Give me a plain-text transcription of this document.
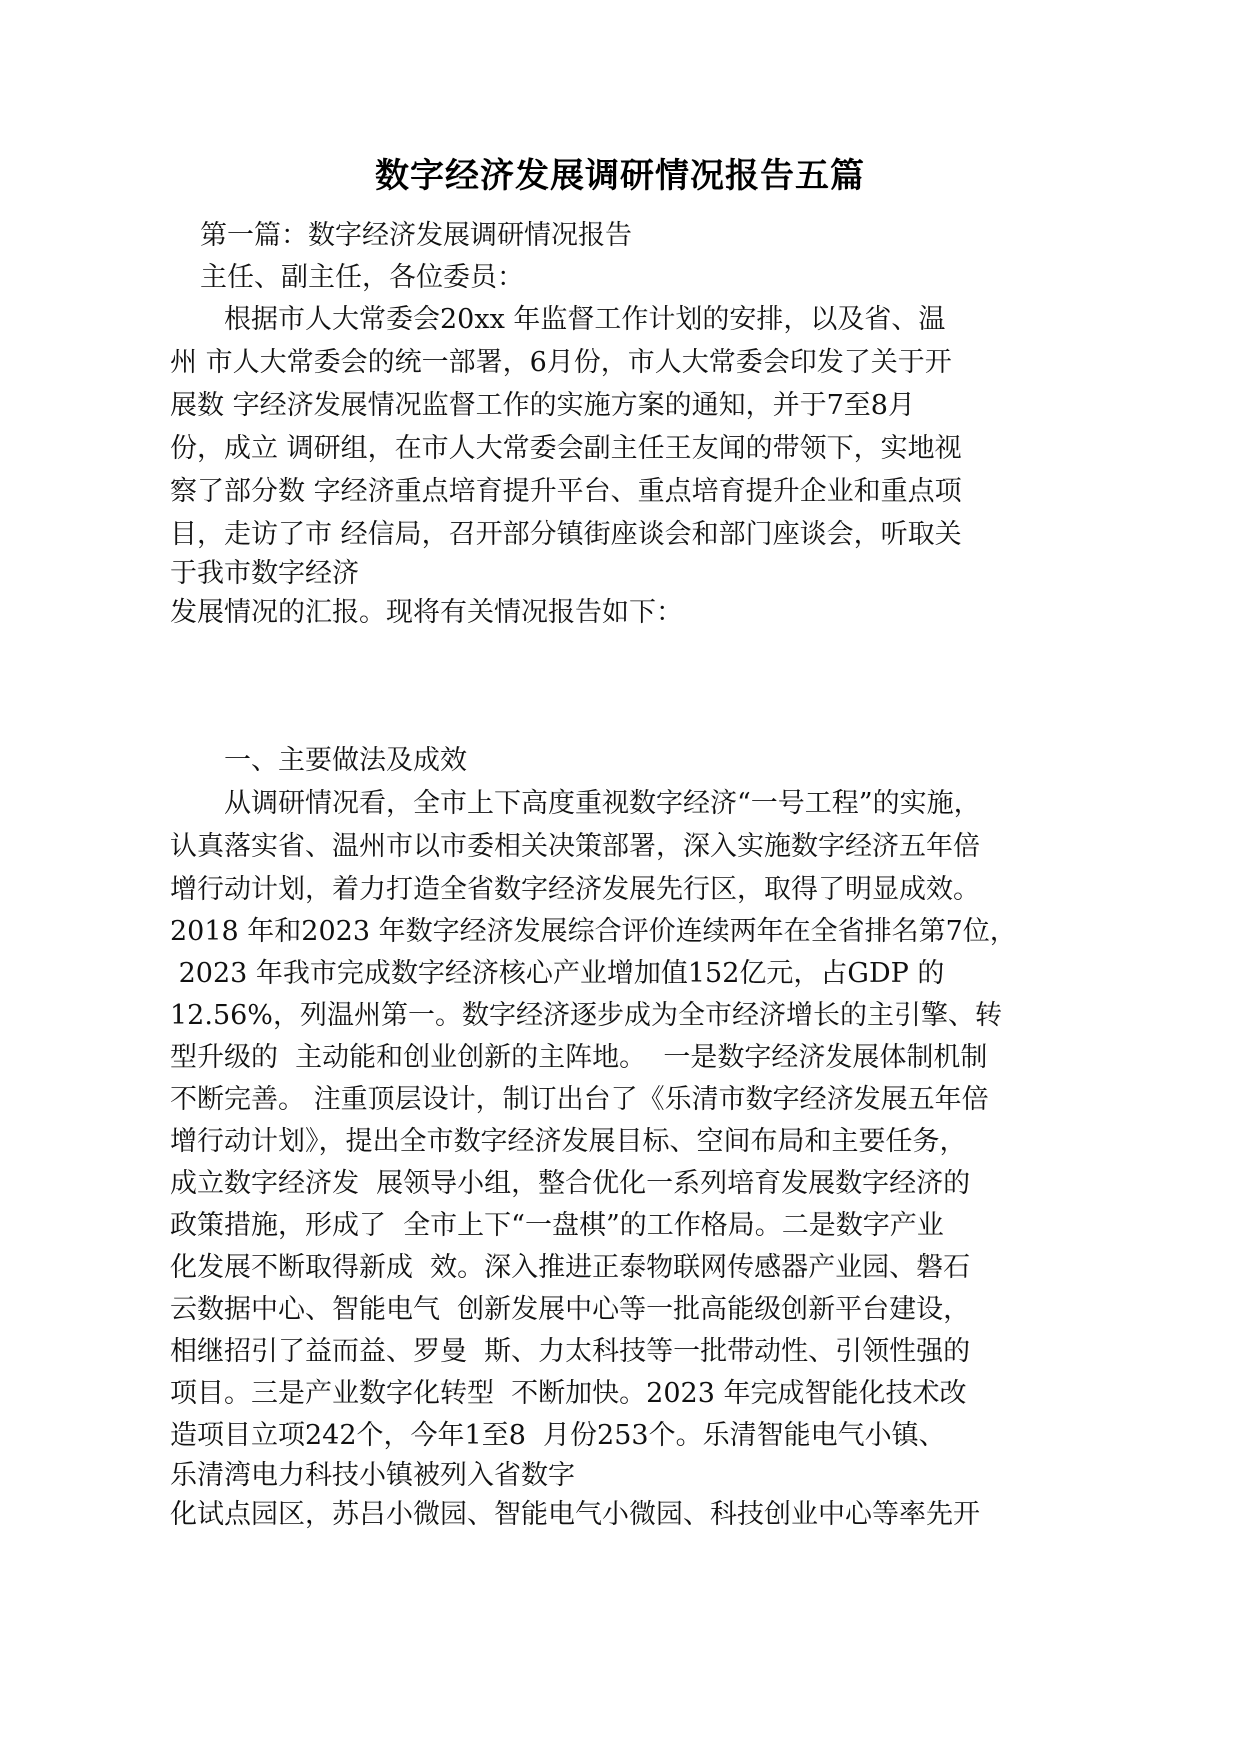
数字经济发展调研情况报告五篇
第一篇：数字经济发展调研情况报告
主任、副主任，各位委员：
根据市人大常委会20xx 年监督工作计划的安排，以及省、温
州 市人大常委会的统一部署，6月份，市人大常委会印发了关于开
展数 字经济发展情况监督工作的实施方案的通知，并于7至8月
份，成立 调研组，在市人大常委会副主任王友闻的带领下，实地视
察了部分数 字经济重点培育提升平台、重点培育提升企业和重点项
目，走访了市 经信局，召开部分镇街座谈会和部门座谈会，听取关
于我市数字经济
发展情况的汇报。现将有关情况报告如下：
一、主要做法及成效
从调研情况看，全市上下高度重视数字经济“一号工程”的实施，
认真落实省、温州市以市委相关决策部署，深入实施数字经济五年倍
增行动计划，着力打造全省数字经济发展先行区，取得了明显成效。
2018 年和2023 年数字经济发展综合评价连续两年在全省排名第7位，
2023 年我市完成数字经济核心产业增加值152亿元，占GDP 的
12.56%，列温州第一。数字经济逐步成为全市经济增长的主引擎、转
型升级的  主动能和创业创新的主阵地。  一是数字经济发展体制机制
不断完善。 注重顶层设计，制订出台了《乐清市数字经济发展五年倍
增行动计划》，提出全市数字经济发展目标、空间布局和主要任务，
成立数字经济发  展领导小组，整合优化一系列培育发展数字经济的
政策措施，形成了  全市上下“一盘棋”的工作格局。二是数字产业
化发展不断取得新成  效。深入推进正泰物联网传感器产业园、磐石
云数据中心、智能电气  创新发展中心等一批高能级创新平台建设，
相继招引了益而益、罗曼  斯、力太科技等一批带动性、引领性强的
项目。三是产业数字化转型  不断加快。2023 年完成智能化技术改
造项目立项242个，今年1至8  月份253个。乐清智能电气小镇、
乐清湾电力科技小镇被列入省数字
化试点园区，苏吕小微园、智能电气小微园、科技创业中心等率先开
